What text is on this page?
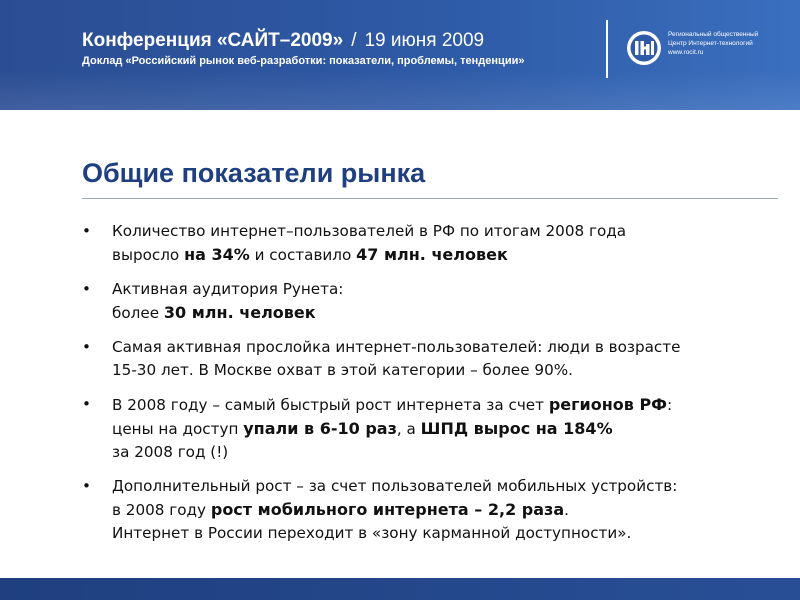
Конференция «САЙТ–2009» / 19 июня 2009
Доклад «Российский рынок веб-разработки: показатели, проблемы, тенденции»
Региональный общественный
Центр Интернет-технологий
www.rocit.ru
Общие показатели рынка
• Количество интернет–пользователей в РФ по итогам 2008 года
выросло на 34% и составило 47 млн. человек
• Активная аудитория Рунета:
более 30 млн. человек
• Самая активная прослойка интернет-пользователей: люди в возрасте
15-30 лет. В Москве охват в этой категории – более 90%.
• В 2008 году – самый быстрый рост интернета за счет регионов РФ:
цены на доступ упали в 6-10 раз, а ШПД вырос на 184%
за 2008 год (!)
• Дополнительный рост – за счет пользователей мобильных устройств:
в 2008 году рост мобильного интернета – 2,2 раза.
Интернет в России переходит в «зону карманной доступности».
